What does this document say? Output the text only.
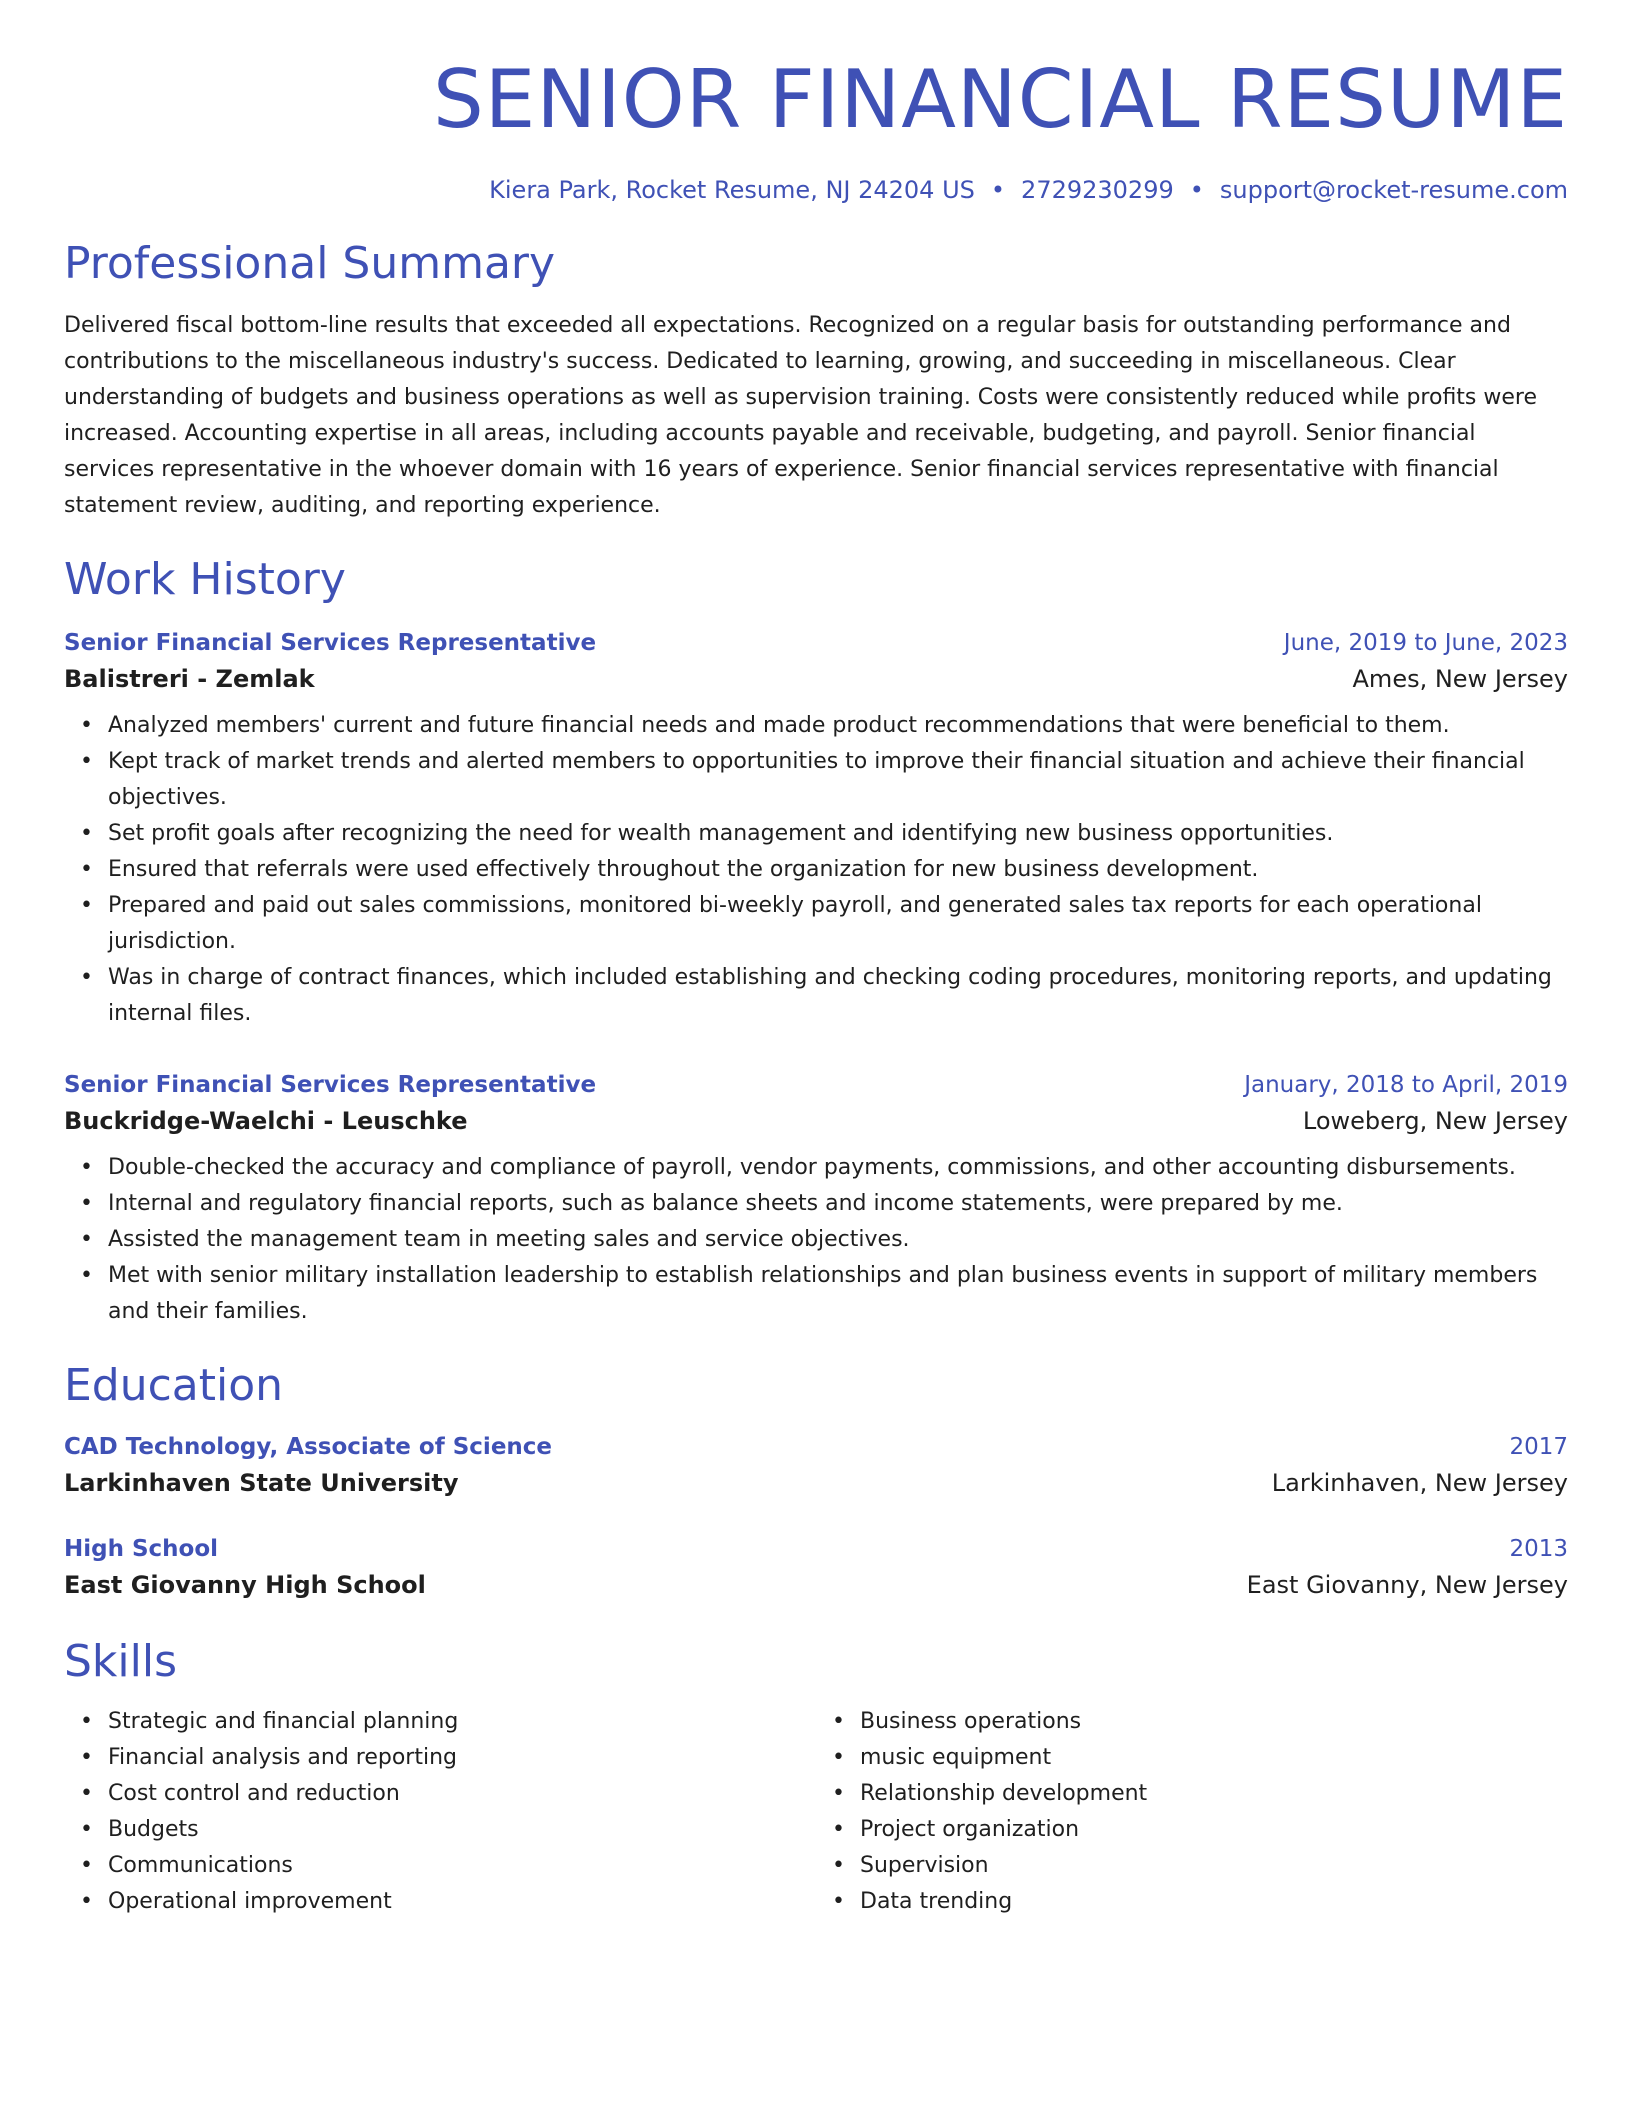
SENIOR FINANCIAL RESUME
Kiera Park, Rocket Resume, NJ 24204 US • 2729230299 • support@rocket-resume.com
Professional Summary

Delivered fiscal bottom-line results that exceeded all expectations. Recognized on a regular basis for outstanding performance and contributions to the miscellaneous industry's success. Dedicated to learning, growing, and succeeding in miscellaneous. Clear understanding of budgets and business operations as well as supervision training. Costs were consistently reduced while profits were increased. Accounting expertise in all areas, including accounts payable and receivable, budgeting, and payroll. Senior financial services representative in the whoever domain with 16 years of experience. Senior financial services representative with financial statement review, auditing, and reporting experience.

Work History
Senior Financial Services Representative	June, 2019 to June, 2023
Balistreri - Zemlak	Ames, New Jersey
• Analyzed members' current and future financial needs and made product recommendations that were beneficial to them.
• Kept track of market trends and alerted members to opportunities to improve their financial situation and achieve their financial objectives.
• Set profit goals after recognizing the need for wealth management and identifying new business opportunities.
• Ensured that referrals were used effectively throughout the organization for new business development.
• Prepared and paid out sales commissions, monitored bi-weekly payroll, and generated sales tax reports for each operational jurisdiction.
• Was in charge of contract finances, which included establishing and checking coding procedures, monitoring reports, and updating internal files.
Senior Financial Services Representative	January, 2018 to April, 2019
Buckridge-Waelchi - Leuschke	Loweberg, New Jersey
• Double-checked the accuracy and compliance of payroll, vendor payments, commissions, and other accounting disbursements.
• Internal and regulatory financial reports, such as balance sheets and income statements, were prepared by me.
• Assisted the management team in meeting sales and service objectives.
• Met with senior military installation leadership to establish relationships and plan business events in support of military members and their families.
Education
CAD Technology, Associate of Science	2017
Larkinhaven State University	Larkinhaven, New Jersey
High School	2013
East Giovanny High School	East Giovanny, New Jersey
Skills
• Strategic and financial planning
• Financial analysis and reporting
• Cost control and reduction
• Budgets
• Communications
• Operational improvement
• Business operations
• music equipment
• Relationship development
• Project organization
• Supervision
• Data trending
